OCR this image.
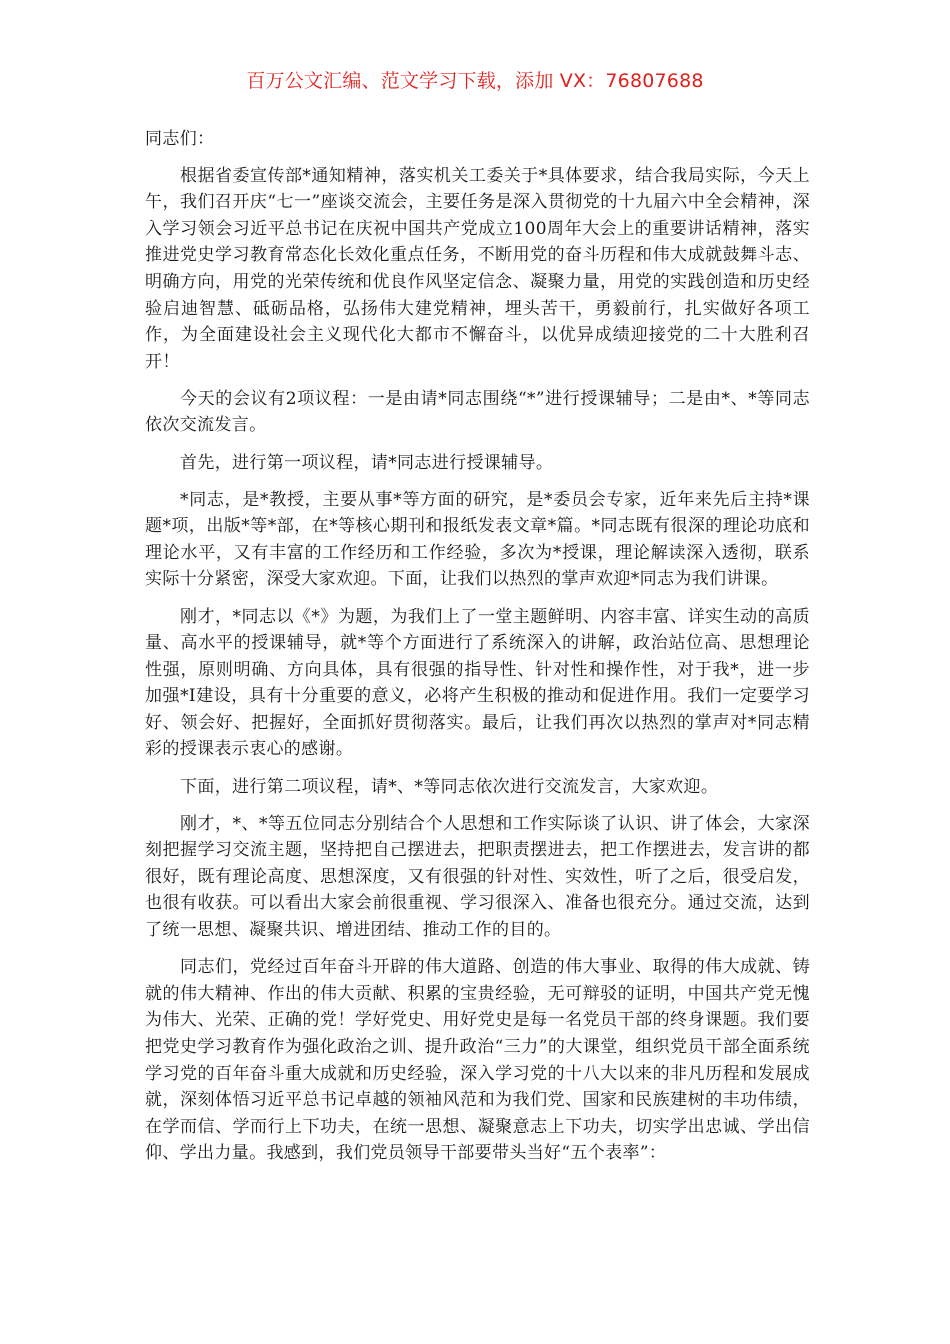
百万公文汇编、范文学习下载，添加 VX：76807688

同志们：

根据省委宣传部*通知精神，落实机关工委关于*具体要求，结合我局实际，今天上午，我们召开庆“七一”座谈交流会，主要任务是深入贯彻党的十九届六中全会精神，深入学习领会习近平总书记在庆祝中国共产党成立100周年大会上的重要讲话精神，落实推进党史学习教育常态化长效化重点任务，不断用党的奋斗历程和伟大成就鼓舞斗志、明确方向，用党的光荣传统和优良作风坚定信念、凝聚力量，用党的实践创造和历史经验启迪智慧、砥砺品格，弘扬伟大建党精神，埋头苦干，勇毅前行，扎实做好各项工作，为全面建设社会主义现代化大都市不懈奋斗，以优异成绩迎接党的二十大胜利召开！

今天的会议有2项议程：一是由请*同志围绕“*”进行授课辅导；二是由*、*等同志依次交流发言。

首先，进行第一项议程，请*同志进行授课辅导。

*同志，是*教授，主要从事*等方面的研究，是*委员会专家，近年来先后主持*课题*项，出版*等*部，在*等核心期刊和报纸发表文章*篇。*同志既有很深的理论功底和理论水平，又有丰富的工作经历和工作经验，多次为*授课，理论解读深入透彻，联系实际十分紧密，深受大家欢迎。下面，让我们以热烈的掌声欢迎*同志为我们讲课。

刚才，*同志以《*》为题，为我们上了一堂主题鲜明、内容丰富、详实生动的高质量、高水平的授课辅导，就*等个方面进行了系统深入的讲解，政治站位高、思想理论性强，原则明确、方向具体，具有很强的指导性、针对性和操作性，对于我*，进一步加强*I建设，具有十分重要的意义，必将产生积极的推动和促进作用。我们一定要学习好、领会好、把握好，全面抓好贯彻落实。最后，让我们再次以热烈的掌声对*同志精彩的授课表示衷心的感谢。

下面，进行第二项议程，请*、*等同志依次进行交流发言，大家欢迎。

刚才，*、*等五位同志分别结合个人思想和工作实际谈了认识、讲了体会，大家深刻把握学习交流主题，坚持把自己摆进去，把职责摆进去，把工作摆进去，发言讲的都很好，既有理论高度、思想深度，又有很强的针对性、实效性，听了之后，很受启发，也很有收获。可以看出大家会前很重视、学习很深入、准备也很充分。通过交流，达到了统一思想、凝聚共识、增进团结、推动工作的目的。

同志们，党经过百年奋斗开辟的伟大道路、创造的伟大事业、取得的伟大成就、铸就的伟大精神、作出的伟大贡献、积累的宝贵经验，无可辩驳的证明，中国共产党无愧为伟大、光荣、正确的党！学好党史、用好党史是每一名党员干部的终身课题。我们要把党史学习教育作为强化政治之训、提升政治“三力”的大课堂，组织党员干部全面系统学习党的百年奋斗重大成就和历史经验，深入学习党的十八大以来的非凡历程和发展成就，深刻体悟习近平总书记卓越的领袖风范和为我们党、国家和民族建树的丰功伟绩，在学而信、学而行上下功夫，在统一思想、凝聚意志上下功夫，切实学出忠诚、学出信仰、学出力量。我感到，我们党员领导干部要带头当好“五个表率”：
